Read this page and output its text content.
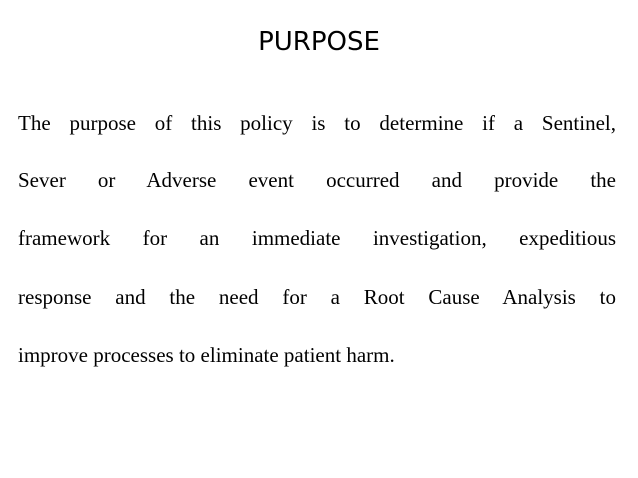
PURPOSE
The purpose of this policy is to determine if a Sentinel,
Sever or Adverse event occurred and provide the
framework for an immediate investigation, expeditious
response and the need for a Root Cause Analysis to
improve processes to eliminate patient harm.
